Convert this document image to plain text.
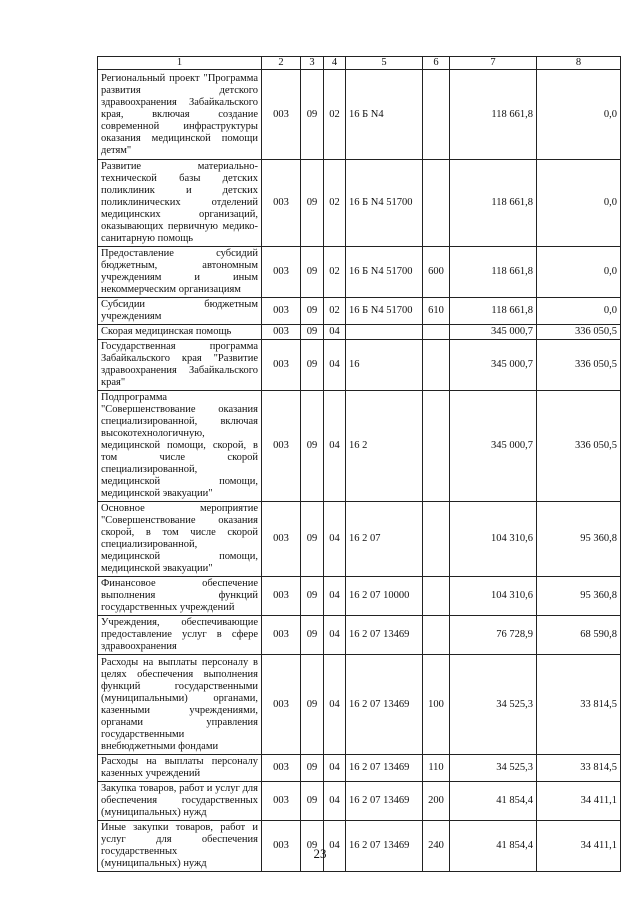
1	2	3	4	5	6	7	8
Региональный проект "Программа развития детского здравоохранения Забайкальского края, включая создание современной инфраструктуры оказания медицинской помощи детям"	003	09	02	16 Б N4		118 661,8	0,0
Развитие материально-технической базы детских поликлиник и детских поликлинических отделений медицинских организаций, оказывающих первичную медико-санитарную помощь	003	09	02	16 Б N4 51700		118 661,8	0,0
Предоставление субсидий бюджетным, автономным учреждениям и иным некоммерческим организациям	003	09	02	16 Б N4 51700	600	118 661,8	0,0
Субсидии бюджетным учреждениям	003	09	02	16 Б N4 51700	610	118 661,8	0,0
Скорая медицинская помощь	003	09	04			345 000,7	336 050,5
Государственная программа Забайкальского края "Развитие здравоохранения Забайкальского края"	003	09	04	16		345 000,7	336 050,5
Подпрограмма "Совершенствование оказания специализированной, включая высокотехнологичную, медицинской помощи, скорой, в том числе скорой специализированной, медицинской помощи, медицинской эвакуации"	003	09	04	16 2		345 000,7	336 050,5
Основное мероприятие "Совершенствование оказания скорой, в том числе скорой специализированной, медицинской помощи, медицинской эвакуации"	003	09	04	16 2 07		104 310,6	95 360,8
Финансовое обеспечение выполнения функций государственных учреждений	003	09	04	16 2 07 10000		104 310,6	95 360,8
Учреждения, обеспечивающие предоставление услуг в сфере здравоохранения	003	09	04	16 2 07 13469		76 728,9	68 590,8
Расходы на выплаты персоналу в целях обеспечения выполнения функций государственными (муниципальными) органами, казенными учреждениями, органами управления государственными внебюджетными фондами	003	09	04	16 2 07 13469	100	34 525,3	33 814,5
Расходы на выплаты персоналу казенных учреждений	003	09	04	16 2 07 13469	110	34 525,3	33 814,5
Закупка товаров, работ и услуг для обеспечения государственных (муниципальных) нужд	003	09	04	16 2 07 13469	200	41 854,4	34 411,1
Иные закупки товаров, работ и услуг для обеспечения государственных (муниципальных) нужд	003	09	04	16 2 07 13469	240	41 854,4	34 411,1
23
